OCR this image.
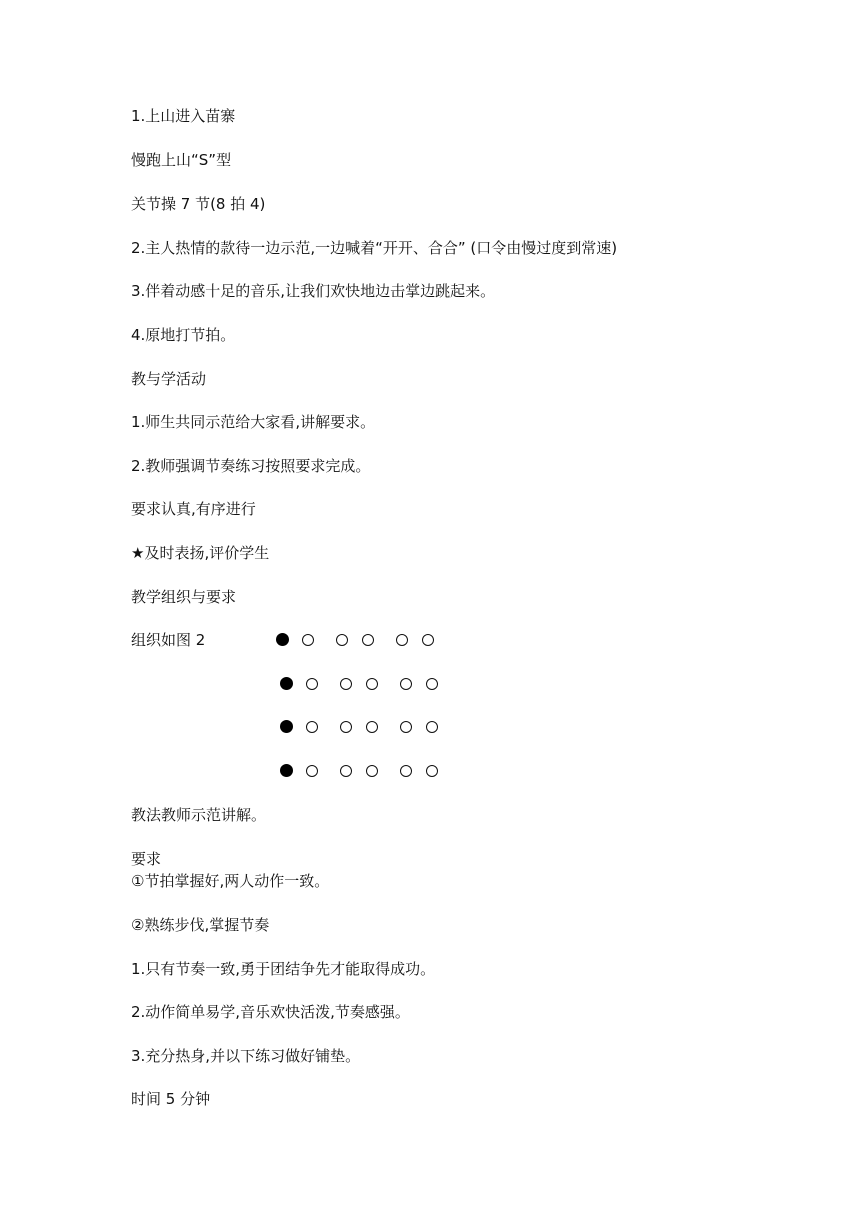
1.上山进入苗寨
慢跑上山“S”型
关节操 7 节(8 拍 4)
2.主人热情的款待一边示范,一边喊着“开开、合合” (口令由慢过度到常速)
3.伴着动感十足的音乐,让我们欢快地边击掌边跳起来。
4.原地打节拍。
教与学活动
1.师生共同示范给大家看,讲解要求。
2.教师强调节奏练习按照要求完成。
要求认真,有序进行
★及时表扬,评价学生
教学组织与要求
组织如图 2
教法教师示范讲解。
要求
①节拍掌握好,两人动作一致。
②熟练步伐,掌握节奏
1.只有节奏一致,勇于团结争先才能取得成功。
2.动作简单易学,音乐欢快活泼,节奏感强。
3.充分热身,并以下练习做好铺垫。
时间 5 分钟
